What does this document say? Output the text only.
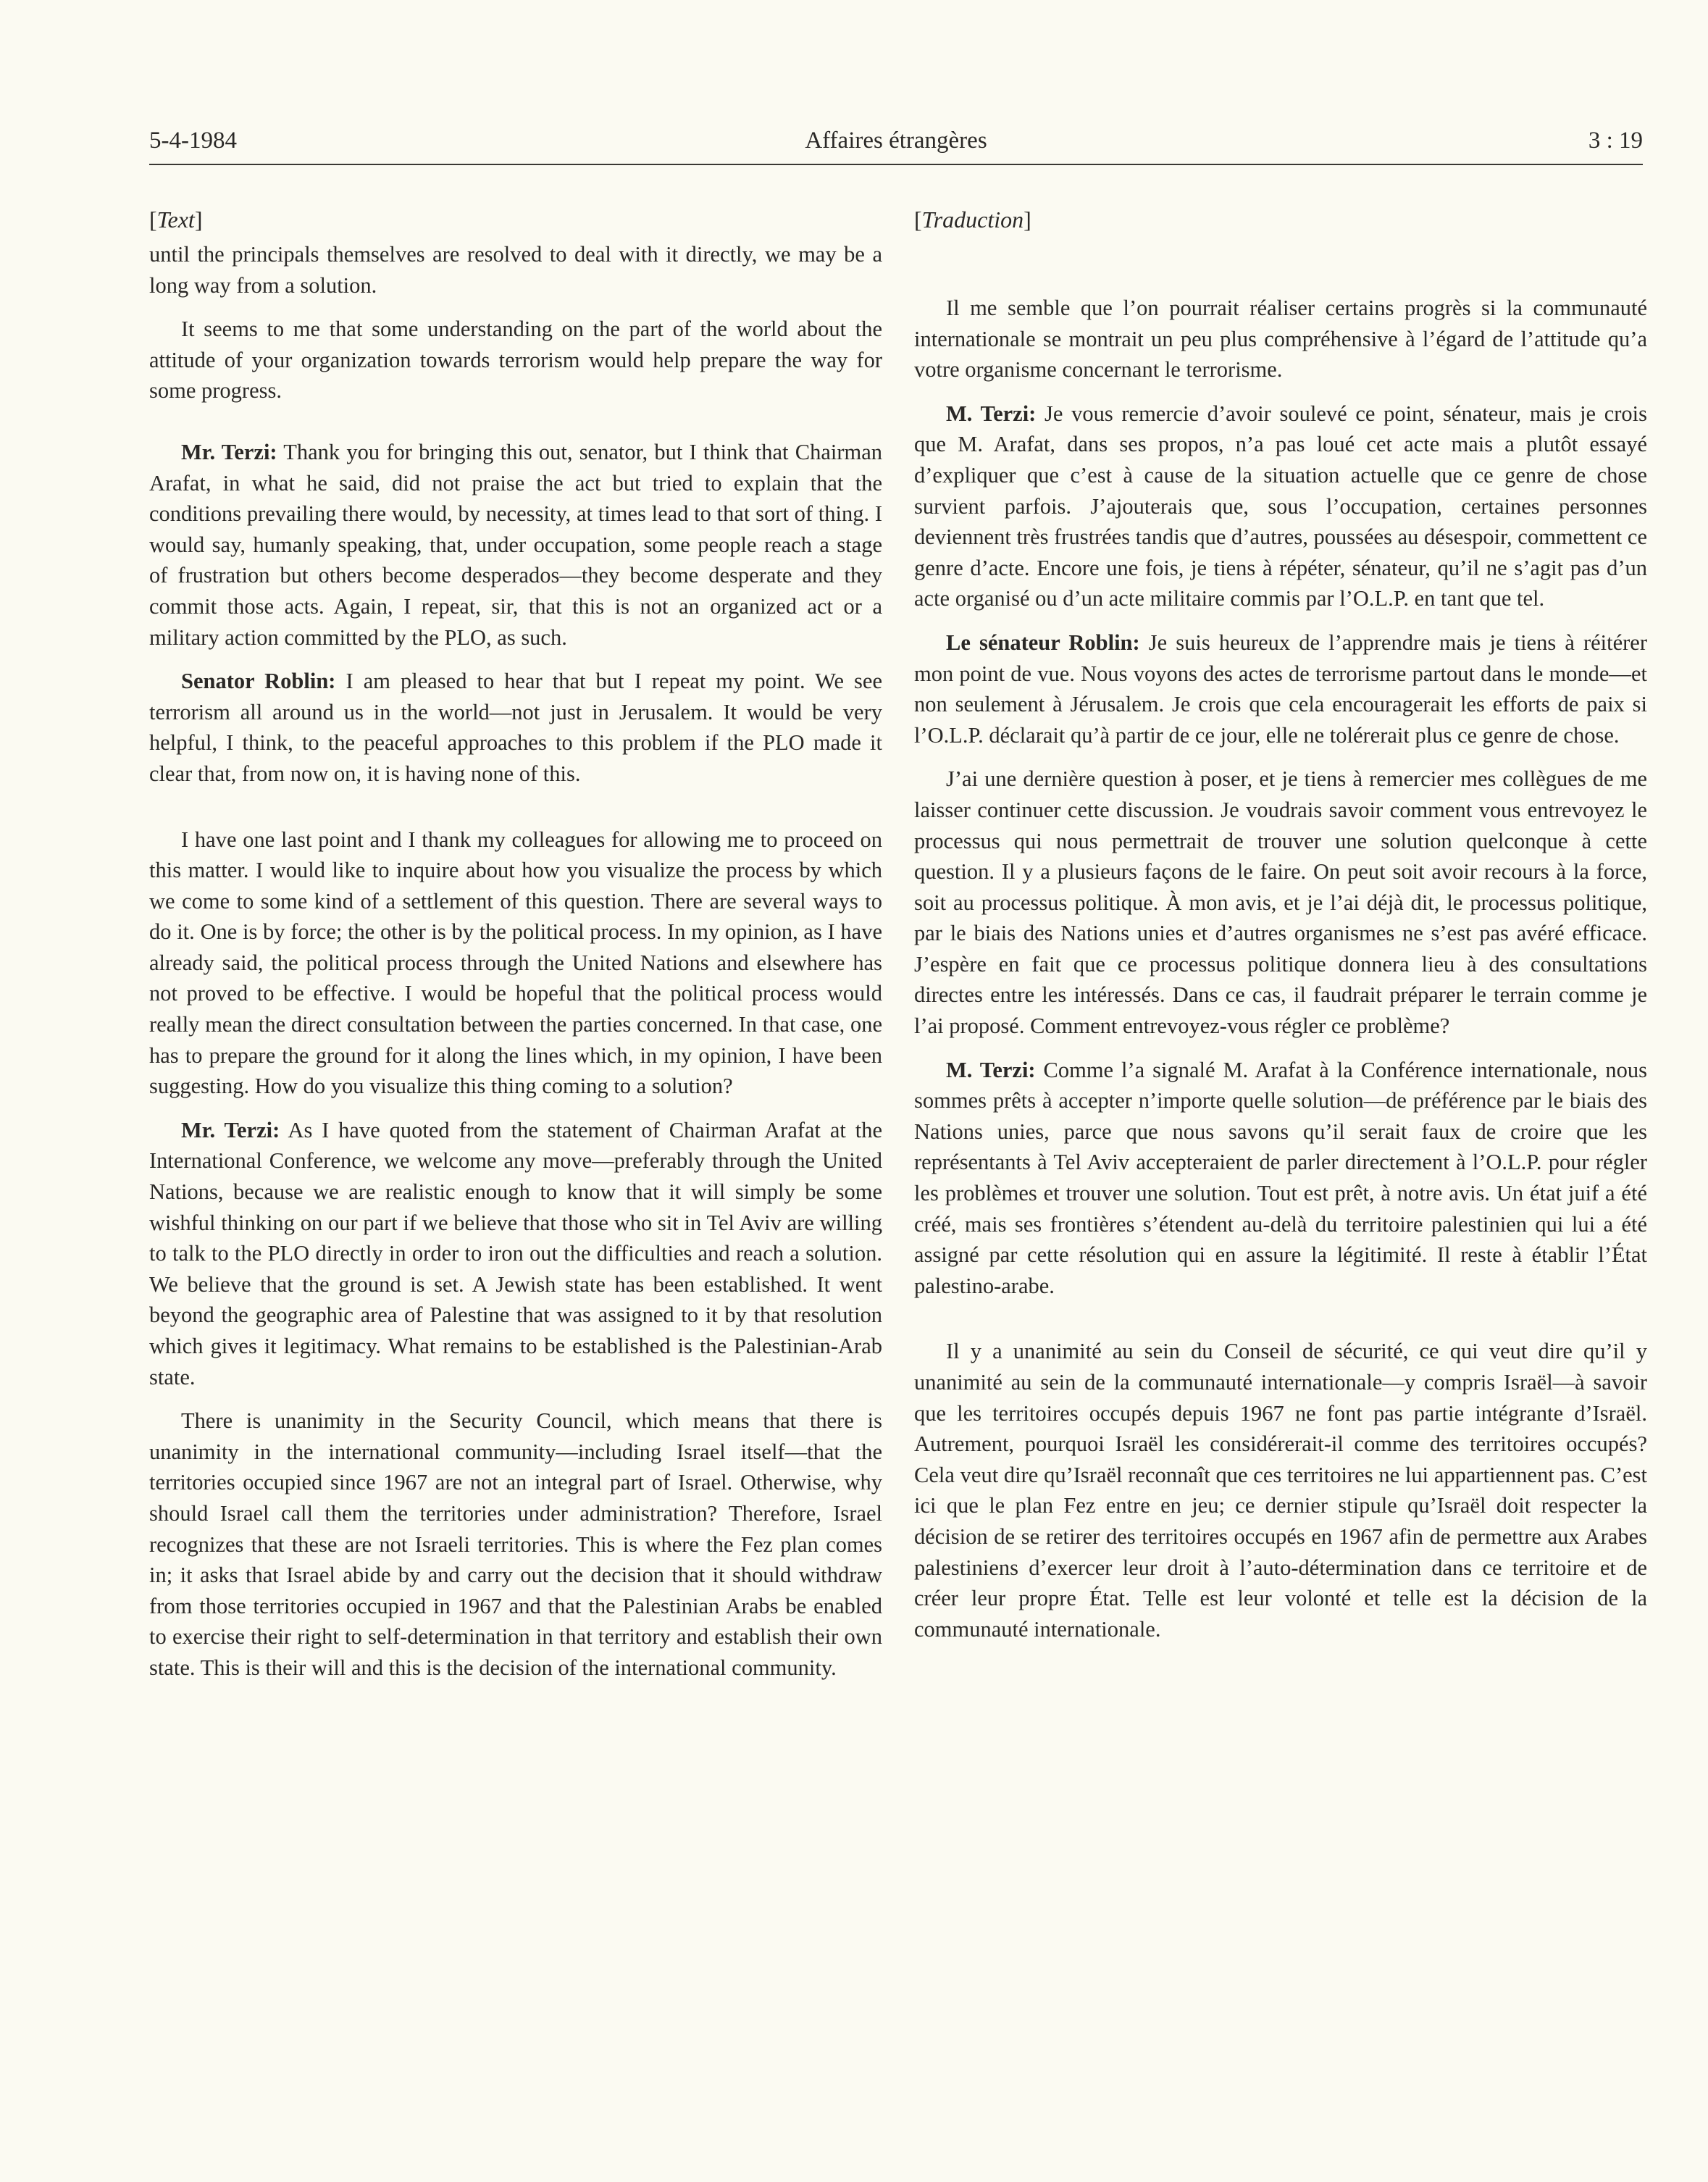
5-4-1984	Affaires étrangères	3 : 19
[Text]

until the principals themselves are resolved to deal with it directly, we may be a long way from a solution.

It seems to me that some understanding on the part of the world about the attitude of your organization towards terrorism would help prepare the way for some progress.

Mr. Terzi: Thank you for bringing this out, senator, but I think that Chairman Arafat, in what he said, did not praise the act but tried to explain that the conditions prevailing there would, by necessity, at times lead to that sort of thing. I would say, humanly speaking, that, under occupation, some people reach a stage of frustration but others become desperados—they become desperate and they commit those acts. Again, I repeat, sir, that this is not an organized act or a military action committed by the PLO, as such.

Senator Roblin: I am pleased to hear that but I repeat my point. We see terrorism all around us in the world—not just in Jerusalem. It would be very helpful, I think, to the peaceful approaches to this problem if the PLO made it clear that, from now on, it is having none of this.

I have one last point and I thank my colleagues for allowing me to proceed on this matter. I would like to inquire about how you visualize the process by which we come to some kind of a settlement of this question. There are several ways to do it. One is by force; the other is by the political process. In my opinion, as I have already said, the political process through the United Nations and elsewhere has not proved to be effective. I would be hopeful that the political process would really mean the direct consultation between the parties concerned. In that case, one has to prepare the ground for it along the lines which, in my opinion, I have been suggesting. How do you visualize this thing coming to a solution?

Mr. Terzi: As I have quoted from the statement of Chairman Arafat at the International Conference, we welcome any move—preferably through the United Nations, because we are realistic enough to know that it will simply be some wishful thinking on our part if we believe that those who sit in Tel Aviv are willing to talk to the PLO directly in order to iron out the difficulties and reach a solution. We believe that the ground is set. A Jewish state has been established. It went beyond the geographic area of Palestine that was assigned to it by that resolution which gives it legitimacy. What remains to be established is the Palestinian-Arab state.

There is unanimity in the Security Council, which means that there is unanimity in the international community—including Israel itself—that the territories occupied since 1967 are not an integral part of Israel. Otherwise, why should Israel call them the territories under administration? Therefore, Israel recognizes that these are not Israeli territories. This is where the Fez plan comes in; it asks that Israel abide by and carry out the decision that it should withdraw from those territories occupied in 1967 and that the Palestinian Arabs be enabled to exercise their right to self-determination in that territory and establish their own state. This is their will and this is the decision of the international community.

[Traduction]

Il me semble que l’on pourrait réaliser certains progrès si la communauté internationale se montrait un peu plus compréhensive à l’égard de l’attitude qu’a votre organisme concernant le terrorisme.

M. Terzi: Je vous remercie d’avoir soulevé ce point, sénateur, mais je crois que M. Arafat, dans ses propos, n’a pas loué cet acte mais a plutôt essayé d’expliquer que c’est à cause de la situation actuelle que ce genre de chose survient parfois. J’ajouterais que, sous l’occupation, certaines personnes deviennent très frustrées tandis que d’autres, poussées au désespoir, commettent ce genre d’acte. Encore une fois, je tiens à répéter, sénateur, qu’il ne s’agit pas d’un acte organisé ou d’un acte militaire commis par l’O.L.P. en tant que tel.

Le sénateur Roblin: Je suis heureux de l’apprendre mais je tiens à réitérer mon point de vue. Nous voyons des actes de terrorisme partout dans le monde—et non seulement à Jérusalem. Je crois que cela encouragerait les efforts de paix si l’O.L.P. déclarait qu’à partir de ce jour, elle ne tolérerait plus ce genre de chose.

J’ai une dernière question à poser, et je tiens à remercier mes collègues de me laisser continuer cette discussion. Je voudrais savoir comment vous entrevoyez le processus qui nous permettrait de trouver une solution quelconque à cette question. Il y a plusieurs façons de le faire. On peut soit avoir recours à la force, soit au processus politique. À mon avis, et je l’ai déjà dit, le processus politique, par le biais des Nations unies et d’autres organismes ne s’est pas avéré efficace. J’espère en fait que ce processus politique donnera lieu à des consultations directes entre les intéressés. Dans ce cas, il faudrait préparer le terrain comme je l’ai proposé. Comment entrevoyez-vous régler ce problème?

M. Terzi: Comme l’a signalé M. Arafat à la Conférence internationale, nous sommes prêts à accepter n’importe quelle solution—de préférence par le biais des Nations unies, parce que nous savons qu’il serait faux de croire que les représentants à Tel Aviv accepteraient de parler directement à l’O.L.P. pour régler les problèmes et trouver une solution. Tout est prêt, à notre avis. Un état juif a été créé, mais ses frontières s’étendent au-delà du territoire palestinien qui lui a été assigné par cette résolution qui en assure la légitimité. Il reste à établir l’État palestino-arabe.

Il y a unanimité au sein du Conseil de sécurité, ce qui veut dire qu’il y unanimité au sein de la communauté internationale—y compris Israël—à savoir que les territoires occupés depuis 1967 ne font pas partie intégrante d’Israël. Autrement, pourquoi Israël les considérerait-il comme des territoires occupés? Cela veut dire qu’Israël reconnaît que ces territoires ne lui appartiennent pas. C’est ici que le plan Fez entre en jeu; ce dernier stipule qu’Israël doit respecter la décision de se retirer des territoires occupés en 1967 afin de permettre aux Arabes palestiniens d’exercer leur droit à l’auto-détermination dans ce territoire et de créer leur propre État. Telle est leur volonté et telle est la décision de la communauté internationale.
